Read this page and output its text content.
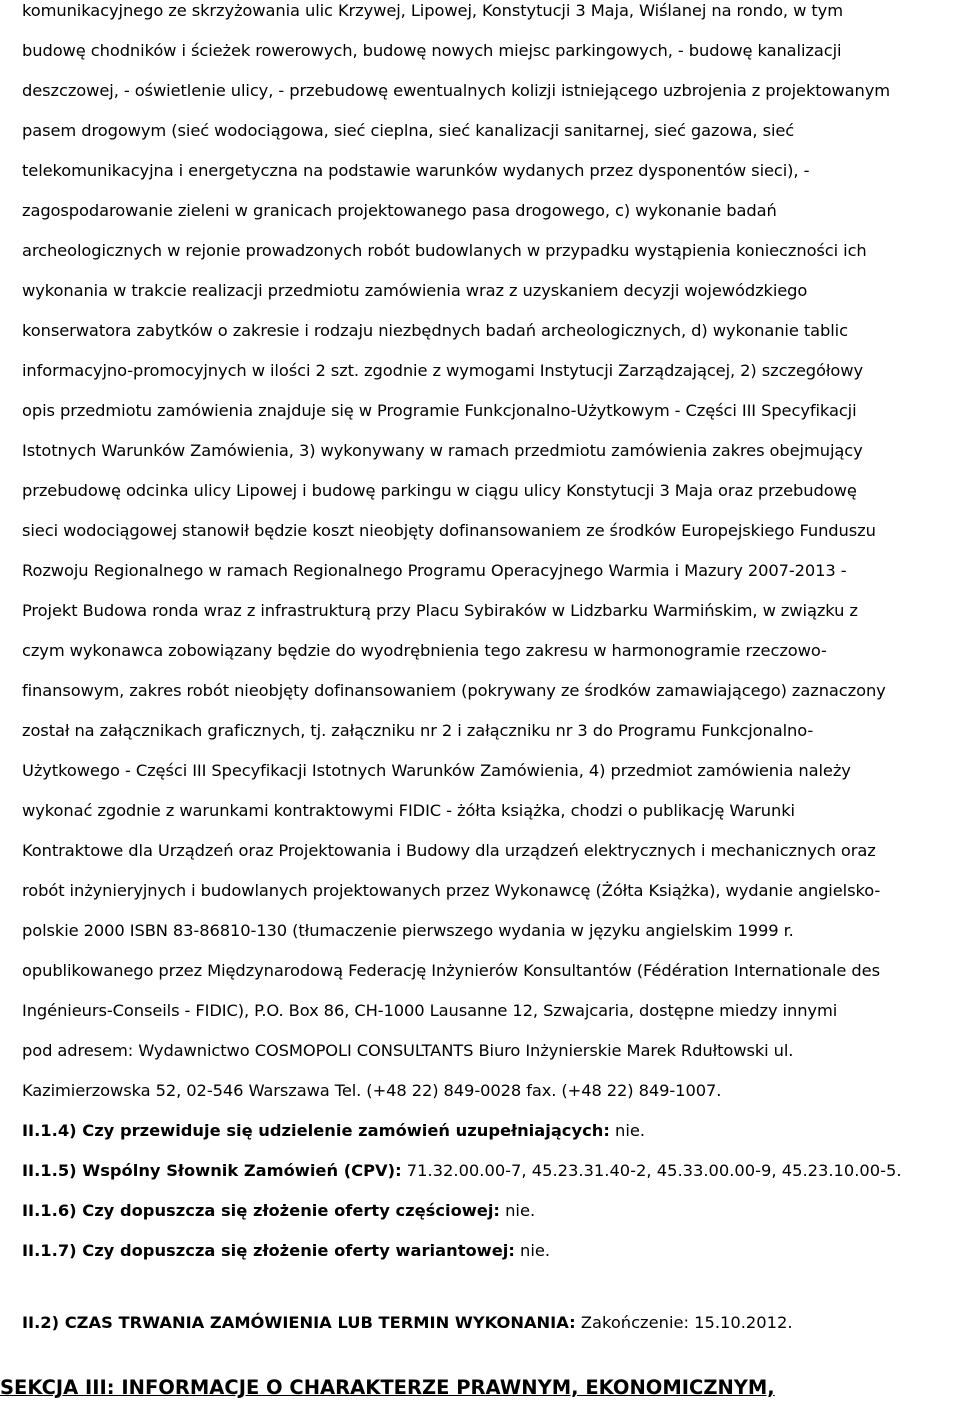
komunikacyjnego ze skrzyżowania ulic Krzywej, Lipowej, Konstytucji 3 Maja, Wiślanej na rondo, w tym
budowę chodników i ścieżek rowerowych, budowę nowych miejsc parkingowych, - budowę kanalizacji
deszczowej, - oświetlenie ulicy, - przebudowę ewentualnych kolizji istniejącego uzbrojenia z projektowanym
pasem drogowym (sieć wodociągowa, sieć cieplna, sieć kanalizacji sanitarnej, sieć gazowa, sieć
telekomunikacyjna i energetyczna na podstawie warunków wydanych przez dysponentów sieci), -
zagospodarowanie zieleni w granicach projektowanego pasa drogowego, c) wykonanie badań
archeologicznych w rejonie prowadzonych robót budowlanych w przypadku wystąpienia konieczności ich
wykonania w trakcie realizacji przedmiotu zamówienia wraz z uzyskaniem decyzji wojewódzkiego
konserwatora zabytków o zakresie i rodzaju niezbędnych badań archeologicznych, d) wykonanie tablic
informacyjno-promocyjnych w ilości 2 szt. zgodnie z wymogami Instytucji Zarządzającej, 2) szczegółowy
opis przedmiotu zamówienia znajduje się w Programie Funkcjonalno-Użytkowym - Części III Specyfikacji
Istotnych Warunków Zamówienia, 3) wykonywany w ramach przedmiotu zamówienia zakres obejmujący
przebudowę odcinka ulicy Lipowej i budowę parkingu w ciągu ulicy Konstytucji 3 Maja oraz przebudowę
sieci wodociągowej stanowił będzie koszt nieobjęty dofinansowaniem ze środków Europejskiego Funduszu
Rozwoju Regionalnego w ramach Regionalnego Programu Operacyjnego Warmia i Mazury 2007-2013 -
Projekt Budowa ronda wraz z infrastrukturą przy Placu Sybiraków w Lidzbarku Warmińskim, w związku z
czym wykonawca zobowiązany będzie do wyodrębnienia tego zakresu w harmonogramie rzeczowo-
finansowym, zakres robót nieobjęty dofinansowaniem (pokrywany ze środków zamawiającego) zaznaczony
został na załącznikach graficznych, tj. załączniku nr 2 i załączniku nr 3 do Programu Funkcjonalno-
Użytkowego - Części III Specyfikacji Istotnych Warunków Zamówienia, 4) przedmiot zamówienia należy
wykonać zgodnie z warunkami kontraktowymi FIDIC - żółta książka, chodzi o publikację Warunki
Kontraktowe dla Urządzeń oraz Projektowania i Budowy dla urządzeń elektrycznych i mechanicznych oraz
robót inżynieryjnych i budowlanych projektowanych przez Wykonawcę (Żółta Książka), wydanie angielsko-
polskie 2000 ISBN 83-86810-130 (tłumaczenie pierwszego wydania w języku angielskim 1999 r.
opublikowanego przez Międzynarodową Federację Inżynierów Konsultantów (Fédération Internationale des
Ingénieurs-Conseils - FIDIC), P.O. Box 86, CH-1000 Lausanne 12, Szwajcaria, dostępne miedzy innymi
pod adresem: Wydawnictwo COSMOPOLI CONSULTANTS Biuro Inżynierskie Marek Rdułtowski ul.
Kazimierzowska 52, 02-546 Warszawa Tel. (+48 22) 849-0028 fax. (+48 22) 849-1007.
II.1.4) Czy przewiduje się udzielenie zamówień uzupełniających: nie.
II.1.5) Wspólny Słownik Zamówień (CPV): 71.32.00.00-7, 45.23.31.40-2, 45.33.00.00-9, 45.23.10.00-5.
II.1.6) Czy dopuszcza się złożenie oferty częściowej: nie.
II.1.7) Czy dopuszcza się złożenie oferty wariantowej: nie.
II.2) CZAS TRWANIA ZAMÓWIENIA LUB TERMIN WYKONANIA: Zakończenie: 15.10.2012.
SEKCJA III: INFORMACJE O CHARAKTERZE PRAWNYM, EKONOMICZNYM,
